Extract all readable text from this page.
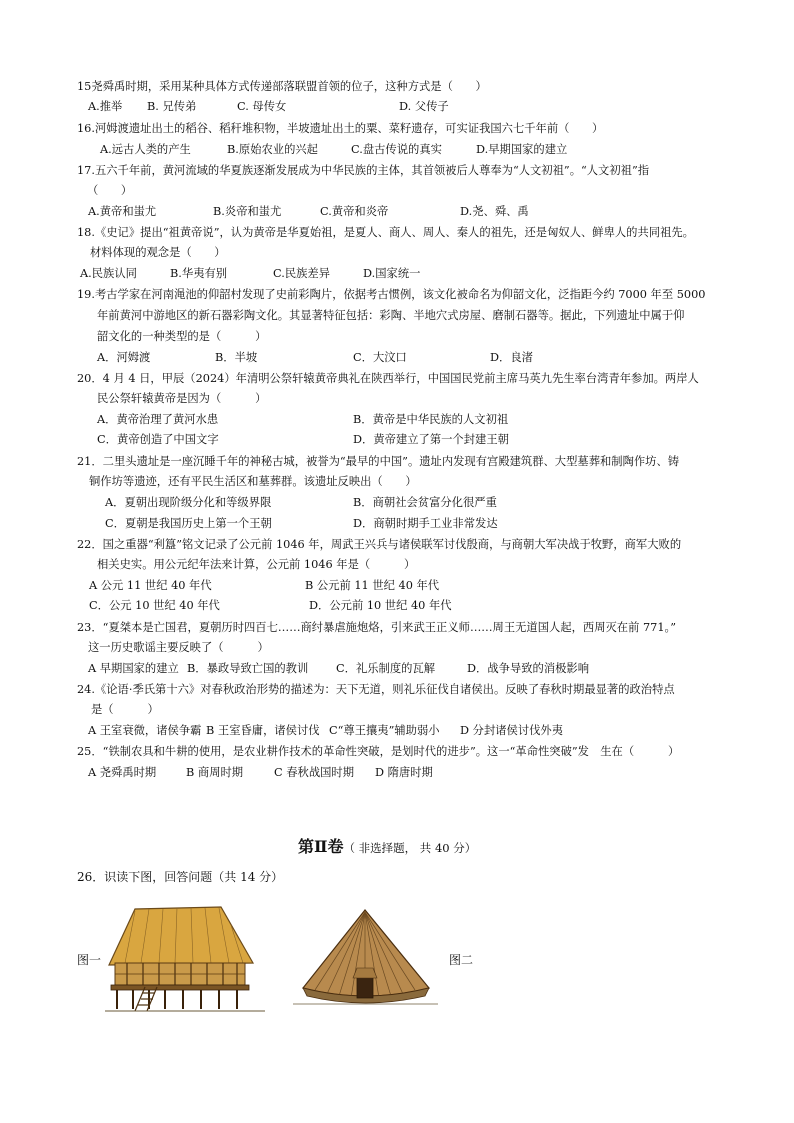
15尧舜禹时期，采用某种具体方式传递部落联盟首领的位子，这种方式是（　　）
A.推举 B. 兄传弟	C. 母传女	D. 父传子
16.河姆渡遗址出土的稻谷、稻秆堆积物，半坡遗址出土的粟、菜籽遗存，可实证我国六七千年前（　　）
A.远古人类的产生	B.原始农业的兴起	C.盘古传说的真实	D.早期国家的建立
17.五六千年前，黄河流域的华夏族逐渐发展成为中华民族的主体，其首领被后人尊奉为“人文初祖”。“人文初祖”指
（　　）
A.黄帝和蚩尤	B.炎帝和蚩尤	C.黄帝和炎帝	D.尧、舜、禹
18.《史记》提出“祖黄帝说”，认为黄帝是华夏始祖，是夏人、商人、周人、秦人的祖先，还是匈奴人、鲜卑人的共同祖先。
材料体现的观念是（　　）
A.民族认同	B.华夷有别	C.民族差异	D.国家统一
19.考古学家在河南渑池的仰韶村发现了史前彩陶片，依据考古惯例，该文化被命名为仰韶文化，泛指距今约 7000 年至 5000
年前黄河中游地区的新石器彩陶文化。其显著特征包括：彩陶、半地穴式房屋、磨制石器等。据此，下列遗址中属于仰
韶文化的一种类型的是（　　　）
A．河姆渡	B．半坡	C．大汶口	D．良渚
20．4 月 4 日，甲辰（2024）年清明公祭轩辕黄帝典礼在陕西举行，中国国民党前主席马英九先生率台湾青年参加。两岸人
民公祭轩辕黄帝是因为（　　　）
A．黄帝治理了黄河水患	B．黄帝是中华民族的人文初祖
C．黄帝创造了中国文字	D．黄帝建立了第一个封建王朝
21．二里头遗址是一座沉睡千年的神秘古城，被誉为“最早的中国”。遗址内发现有宫殿建筑群、大型墓葬和制陶作坊、铸
铜作坊等遗迹，还有平民生活区和墓葬群。该遗址反映出（　　）
A．夏朝出现阶级分化和等级界限	B．商朝社会贫富分化很严重
C．夏朝是我国历史上第一个王朝	D．商朝时期手工业非常发达
22．国之重器“利簋”铭文记录了公元前 1046 年，周武王兴兵与诸侯联军讨伐殷商，与商朝大军决战于牧野，商军大败的
相关史实。用公元纪年法来计算，公元前 1046 年是（　　　）
A 公元 11 世纪 40 年代	B 公元前 11 世纪 40 年代
C．公元 10 世纪 40 年代	D．公元前 10 世纪 40 年代
23．“夏桀本是亡国君，夏朝历时四百七……商纣暴虐施炮烙，引来武王正义师……周王无道国人起，西周灭在前 771。”
这一历史歌谣主要反映了（　　　）
A 早期国家的建立 B．暴政导致亡国的教训 C．礼乐制度的瓦解	D．战争导致的消极影响
24.《论语·季氏第十六》对春秋政治形势的描述为：天下无道，则礼乐征伐自诸侯出。反映了春秋时期最显著的政治特点
是（　　　）
A 王室衰微，诸侯争霸 B 王室昏庸，诸侯讨伐 C“尊王攘夷”辅助弱小 D 分封诸侯讨伐外夷
25．“铁制农具和牛耕的使用，是农业耕作技术的革命性突破，是划时代的进步”。这一“革命性突破”发　生在（　　　）
A 尧舜禹时期	B 商周时期	C 春秋战国时期 D 隋唐时期
第Ⅱ卷（ 非选择题， 共 40 分）
26．识读下图，回答问题（共 14 分）
图一	图二
